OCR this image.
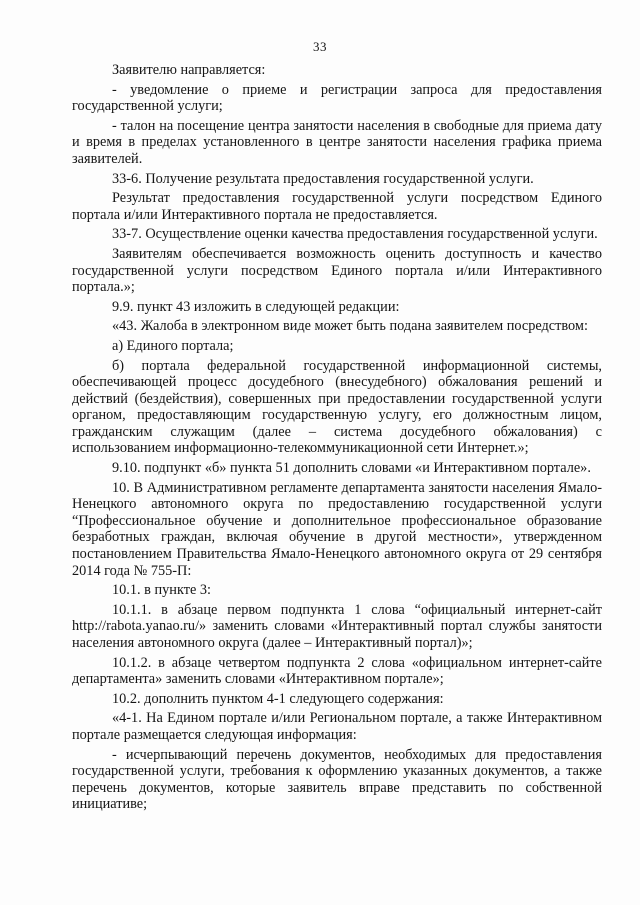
33

Заявителю направляется:

- уведомление о приеме и регистрации запроса для предоставления государственной услуги;

- талон на посещение центра занятости населения в свободные для приема дату и время в пределах установленного в центре занятости населения графика приема заявителей.

33-6. Получение результата предоставления государственной услуги.

Результат предоставления государственной услуги посредством Единого портала и/или Интерактивного портала не предоставляется.

33-7. Осуществление оценки качества предоставления государственной услуги.

Заявителям обеспечивается возможность оценить доступность и качество государственной услуги посредством Единого портала и/или Интерактивного портала.»;

9.9. пункт 43 изложить в следующей редакции:

«43. Жалоба в электронном виде может быть подана заявителем посредством:

а) Единого портала;

б) портала федеральной государственной информационной системы, обеспечивающей процесс досудебного (внесудебного) обжалования решений и действий (бездействия), совершенных при предоставлении государственной услуги органом, предоставляющим государственную услугу, его должностным лицом, гражданским служащим (далее – система досудебного обжалования) с использованием информационно-телекоммуникационной сети Интернет.»;

9.10. подпункт «б» пункта 51 дополнить словами «и Интерактивном портале».

10. В Административном регламенте департамента занятости населения Ямало-Ненецкого автономного округа по предоставлению государственной услуги “Профессиональное обучение и дополнительное профессиональное образование безработных граждан, включая обучение в другой местности», утвержденном постановлением Правительства Ямало-Ненецкого автономного округа от 29 сентября 2014 года № 755-П:

10.1. в пункте 3:

10.1.1. в абзаце первом подпункта 1 слова “официальный интернет-сайт http://rabota.yanao.ru/» заменить словами «Интерактивный портал службы занятости населения автономного округа (далее – Интерактивный портал)»;

10.1.2. в абзаце четвертом подпункта 2 слова «официальном интернет-сайте департамента» заменить словами «Интерактивном портале»;

10.2. дополнить пунктом 4-1 следующего содержания:

«4-1. На Едином портале и/или Региональном портале, а также Интерактивном портале размещается следующая информация:

- исчерпывающий перечень документов, необходимых для предоставления государственной услуги, требования к оформлению указанных документов, а также перечень документов, которые заявитель вправе представить по собственной инициативе;
